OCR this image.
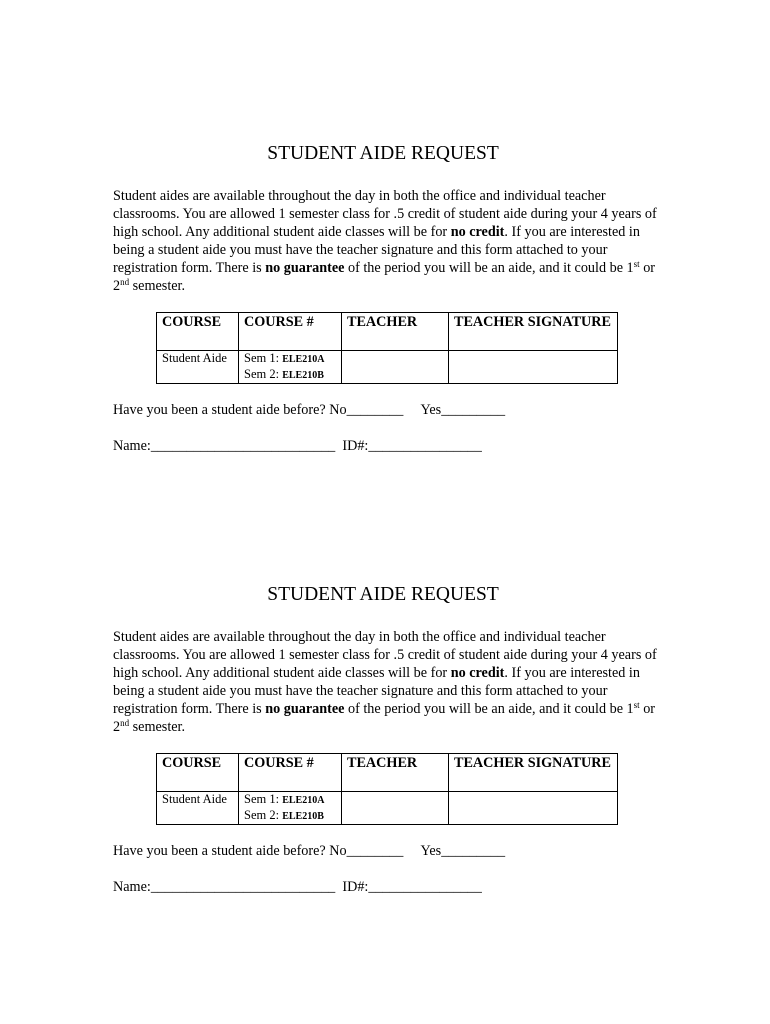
STUDENT AIDE REQUEST
Student aides are available throughout the day in both the office and individual teacher classrooms. You are allowed 1 semester class for .5 credit of student aide during your 4 years of high school. Any additional student aide classes will be for no credit. If you are interested in being a student aide you must have the teacher signature and this form attached to your registration form. There is no guarantee of the period you will be an aide, and it could be 1st or 2nd semester.
COURSE	COURSE #	TEACHER	TEACHER SIGNATURE
Student Aide	Sem 1: ELE210A
Sem 2: ELE210B		
Have you been a student aide before? No________     Yes_________
Name:__________________________  ID#:________________
STUDENT AIDE REQUEST
Student aides are available throughout the day in both the office and individual teacher classrooms. You are allowed 1 semester class for .5 credit of student aide during your 4 years of high school. Any additional student aide classes will be for no credit. If you are interested in being a student aide you must have the teacher signature and this form attached to your registration form. There is no guarantee of the period you will be an aide, and it could be 1st or 2nd semester.
COURSE	COURSE #	TEACHER	TEACHER SIGNATURE
Student Aide	Sem 1: ELE210A
Sem 2: ELE210B		
Have you been a student aide before? No________     Yes_________
Name:__________________________  ID#:________________
